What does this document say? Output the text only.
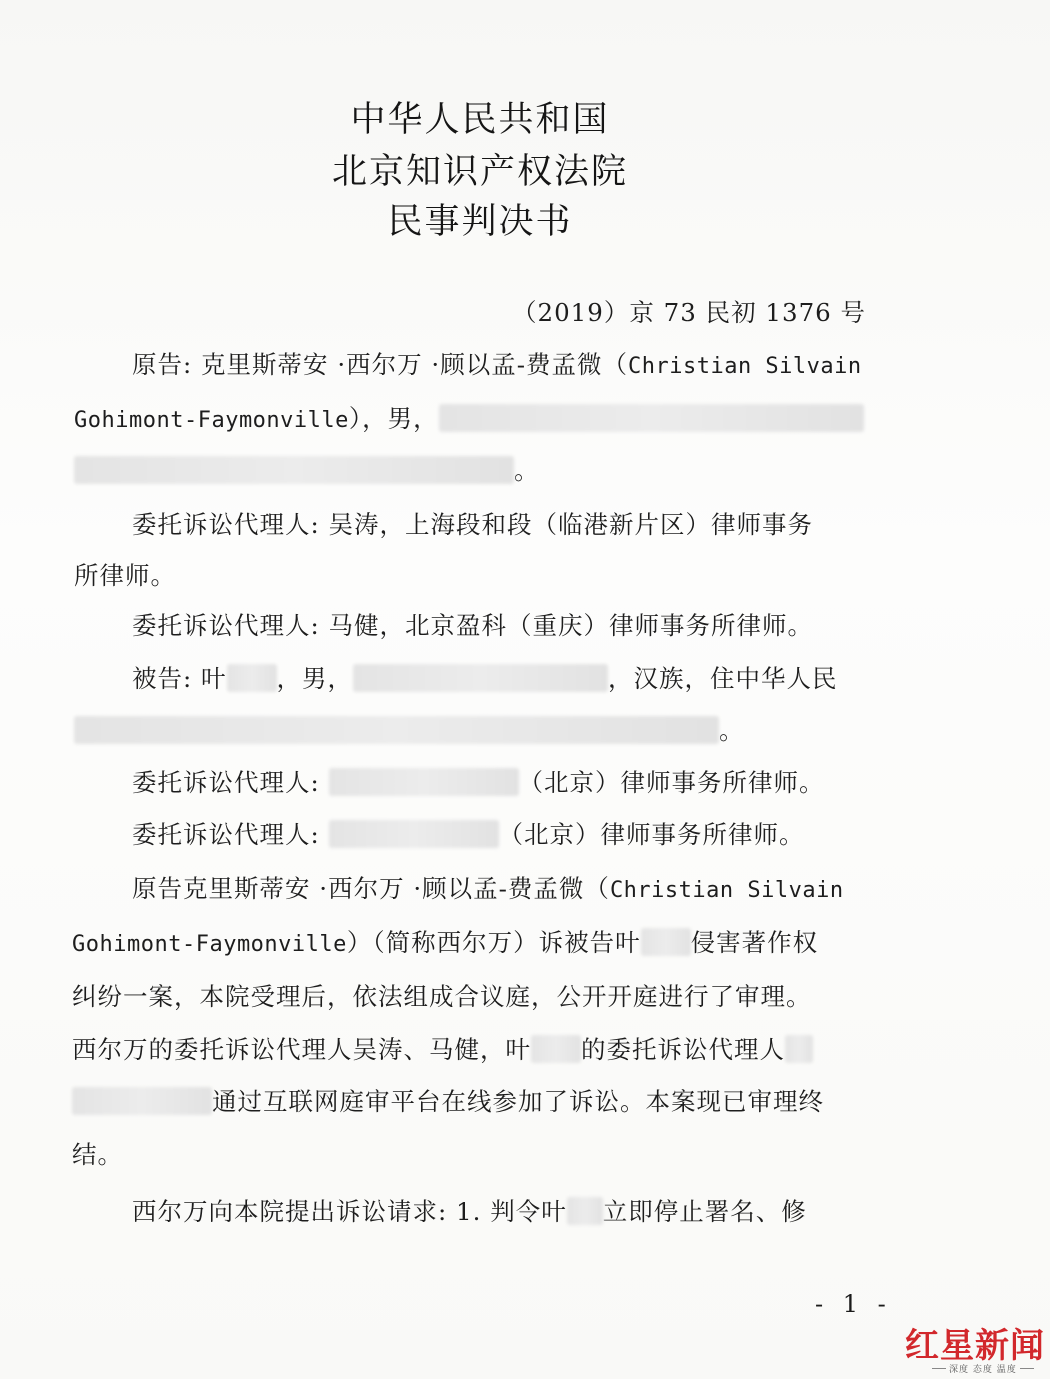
中华人民共和国
北京知识产权法院
民事判决书
（2019）京 73 民初 1376 号
原告: 克里斯蒂安 ·西尔万 ·顾以孟-费孟微（Christian Silvain
Gohimont-Faymonville），男，
。
委托诉讼代理人: 吴涛，上海段和段（临港新片区）律师事务
所律师。
委托诉讼代理人: 马健，北京盈科（重庆）律师事务所律师。
被告: 叶 ，男，	，汉族，住中华人民
。
委托诉讼代理人:	（北京）律师事务所律师。
委托诉讼代理人:	（北京）律师事务所律师。
原告克里斯蒂安 ·西尔万 ·顾以孟-费孟微（Christian Silvain
Gohimont-Faymonville）（简称西尔万）诉被告叶 侵害著作权
纠纷一案，本院受理后，依法组成合议庭，公开开庭进行了审理。
西尔万的委托诉讼代理人吴涛、马健，叶 的委托诉讼代理人
通过互联网庭审平台在线参加了诉讼。本案现已审理终
结。
西尔万向本院提出诉讼请求: 1. 判令叶 立即停止署名、修
- 1 -
红星新闻
深度 态度 温度
